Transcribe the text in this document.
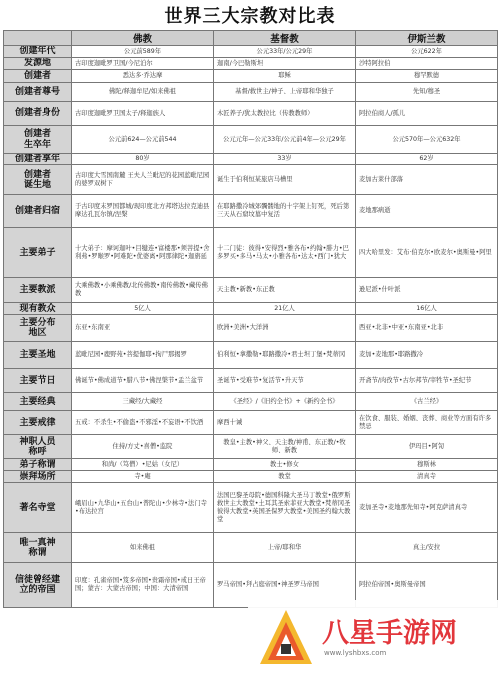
世界三大宗教对比表
	佛教	基督教	伊斯兰教
创建年代	公元前589年	公元33年/公元29年	公元622年
发源地	古印度迦毗罗卫国/今尼泊尔	迦南/今巴勒斯坦	沙特阿拉伯
创建者	悉达多·乔达摩	耶稣	穆罕默德
创建者尊号	佛陀/释迦牟尼/如来佛祖	基督/救世主/神子、上帝耶和华独子	先知/穆圣
创建者身份	古印度迦毗罗卫国太子/释迦族人	木匠养子/犹太教拉比（传教教师）	阿拉伯商人/孤儿
创建者
生卒年	公元前624—公元前544	公元元年—公元33年/公元前4年—公元29年	公元570年—公元632年
创建者享年	80岁	33岁	62岁
创建者
诞生地	古印度大雪国南麓 王夫人兰毗尼的花园蓝毗尼园的婆罗双树下	诞生于伯利恒某旅店马槽里	麦加古莱什部落
创建者归宿	于古印度末罗国都城/现印度北方邦塔达拉克迪县摩达孔瓦尔镇/涅槃	在耶路撒冷城郊髑髅地的十字架上钉死，死后第三天从石窟坟墓中复活	麦地那病逝
主要弟子	十大弟子：摩诃迦叶•目犍连•富楼那•须菩提•舍利弗•罗睺罗•阿难陀•优婆离•阿那律陀•迦旃延	十二门徒：彼得•安得烈•雅各布•约翰•腓力•巴多罗买•多马•马太•小雅各布•达太•西门•犹大	四大哈里发：艾布·伯克尔•欧麦尔•奥斯曼•阿里
主要教派	大乘佛教•小乘佛教/北传佛教•南传佛教•藏传佛教	天主教•新教•东正教	逊尼派•什叶派
现有教众	5亿人	21亿人	16亿人
主要分布
地区	东亚•东南亚	欧洲•美洲•大洋洲	西亚•北非•中亚•东南亚•北非
主要圣地	蓝毗尼园•鹿野苑•菩提伽耶•拘尸那揭罗	伯利恒•拿撒勒•耶路撒冷•君士坦丁堡•梵蒂冈	麦加•麦地那•耶路撒冷
主要节日	佛诞节•佛成道节•腊八节•佛涅槃节•盂兰盆节	圣诞节•受难节•复活节•升天节	开斋节/肉孜节•古尔邦节/宰牲节•圣纪节
主要经典	三藏经/大藏经	《圣经》/《旧约全书》+《新约全书》	《古兰经》
主要戒律	五戒：不杀生•不偷盗•不邪淫•不妄语•不饮酒	摩西十诫	在饮食、服装、婚姻、丧葬、商业等方面有许多禁忌
神职人员
称呼	住持/方丈•喜僧•监院	教皇•主教•神父、天主教/神甫、东正教/•牧师、新教	伊玛目•阿訇
弟子称谓	和尚/（笃僧）•尼姑（女尼）	教士•修女	穆斯林
崇拜场所	寺•庵	教堂	清真寺
著名寺堂	峨眉山•九华山•五台山•普陀山•少林寺•法门寺•布达拉宫	法国巴黎圣母院•德国科隆大圣马丁教堂•俄罗斯救世主大教堂•土耳其圣索菲亚大教堂•梵蒂冈圣彼得大教堂•英国圣保罗大教堂•美国圣约翰大教堂	麦加圣寺•麦地那先知寺•阿克萨清真寺
唯一真神
称谓	如来佛祖	上帝/耶和华	真主/安拉
信徒曾经建
立的帝国	印度：孔雀帝国•笈多帝国•贵霜帝国•戒日王帝国；蒙古：大蒙古帝国；中国：大清帝国	罗马帝国•拜占庭帝国•神圣罗马帝国	阿拉伯帝国•奥斯曼帝国
八星手游网
www.lyshbxs.com
